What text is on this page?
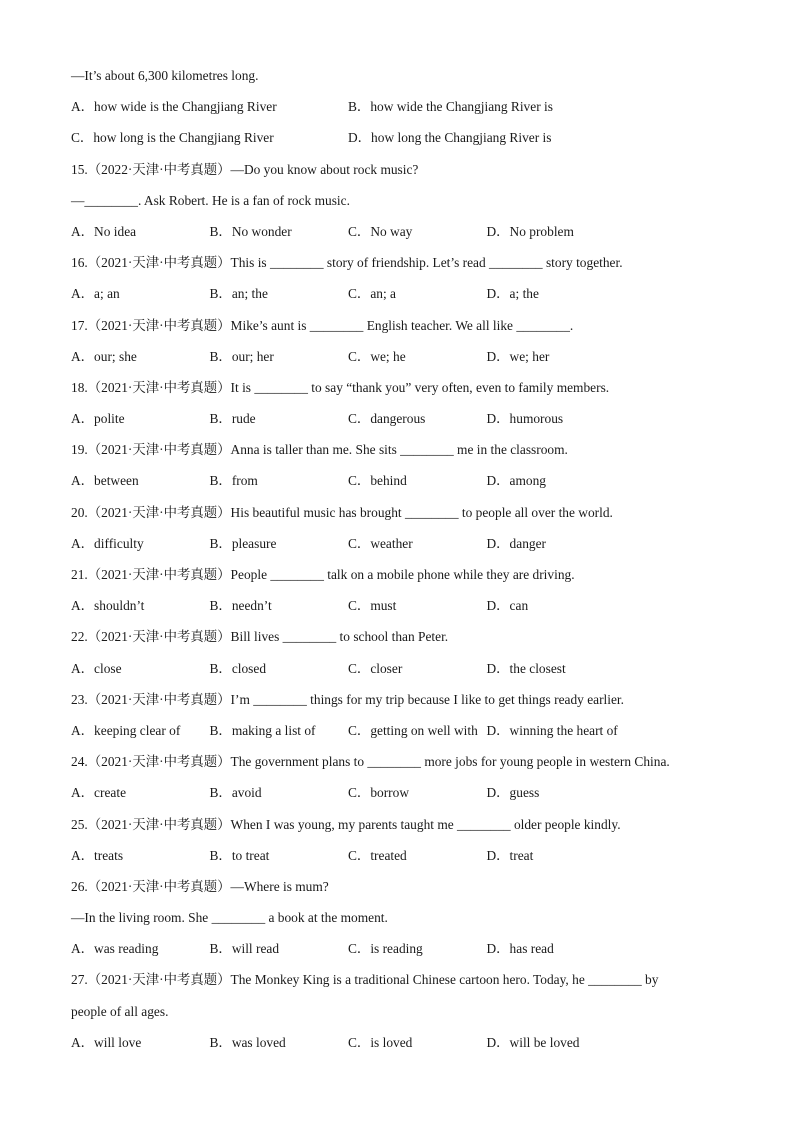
—It’s about 6,300 kilometres long.
A．how wide is the Changjiang River	B．how wide the Changjiang River is
C．how long is the Changjiang River	D．how long the Changjiang River is
15.（2022·天津·中考真题）—Do you know about rock music?
—________. Ask Robert. He is a fan of rock music.
A．No idea	B．No wonder	C．No way	D．No problem
16.（2021·天津·中考真题）This is ________ story of friendship. Let’s read ________ story together.
A．a; an	B．an; the	C．an; a	D．a; the
17.（2021·天津·中考真题）Mike’s aunt is ________ English teacher. We all like ________.
A．our; she	B．our; her	C．we; he	D．we; her
18.（2021·天津·中考真题）It is ________ to say “thank you” very often, even to family members.
A．polite	B．rude	C．dangerous	D．humorous
19.（2021·天津·中考真题）Anna is taller than me. She sits ________ me in the classroom.
A．between	B．from	C．behind	D．among
20.（2021·天津·中考真题）His beautiful music has brought ________ to people all over the world.
A．difficulty	B．pleasure	C．weather	D．danger
21.（2021·天津·中考真题）People ________ talk on a mobile phone while they are driving.
A．shouldn’t	B．needn’t	C．must	D．can
22.（2021·天津·中考真题）Bill lives ________ to school than Peter.
A．close	B．closed	C．closer	D．the closest
23.（2021·天津·中考真题）I’m ________ things for my trip because I like to get things ready earlier.
A．keeping clear of	B．making a list of	C．getting on well with D．winning the heart of
24.（2021·天津·中考真题）The government plans to ________ more jobs for young people in western China.
A．create	B．avoid	C．borrow	D．guess
25.（2021·天津·中考真题）When I was young, my parents taught me ________ older people kindly.
A．treats	B．to treat	C．treated	D．treat
26.（2021·天津·中考真题）—Where is mum?
—In the living room. She ________ a book at the moment.
A．was reading	B．will read	C．is reading	D．has read
27.（2021·天津·中考真题）The Monkey King is a traditional Chinese cartoon hero. Today, he ________ by
people of all ages.
A．will love	B．was loved	C．is loved	D．will be loved
